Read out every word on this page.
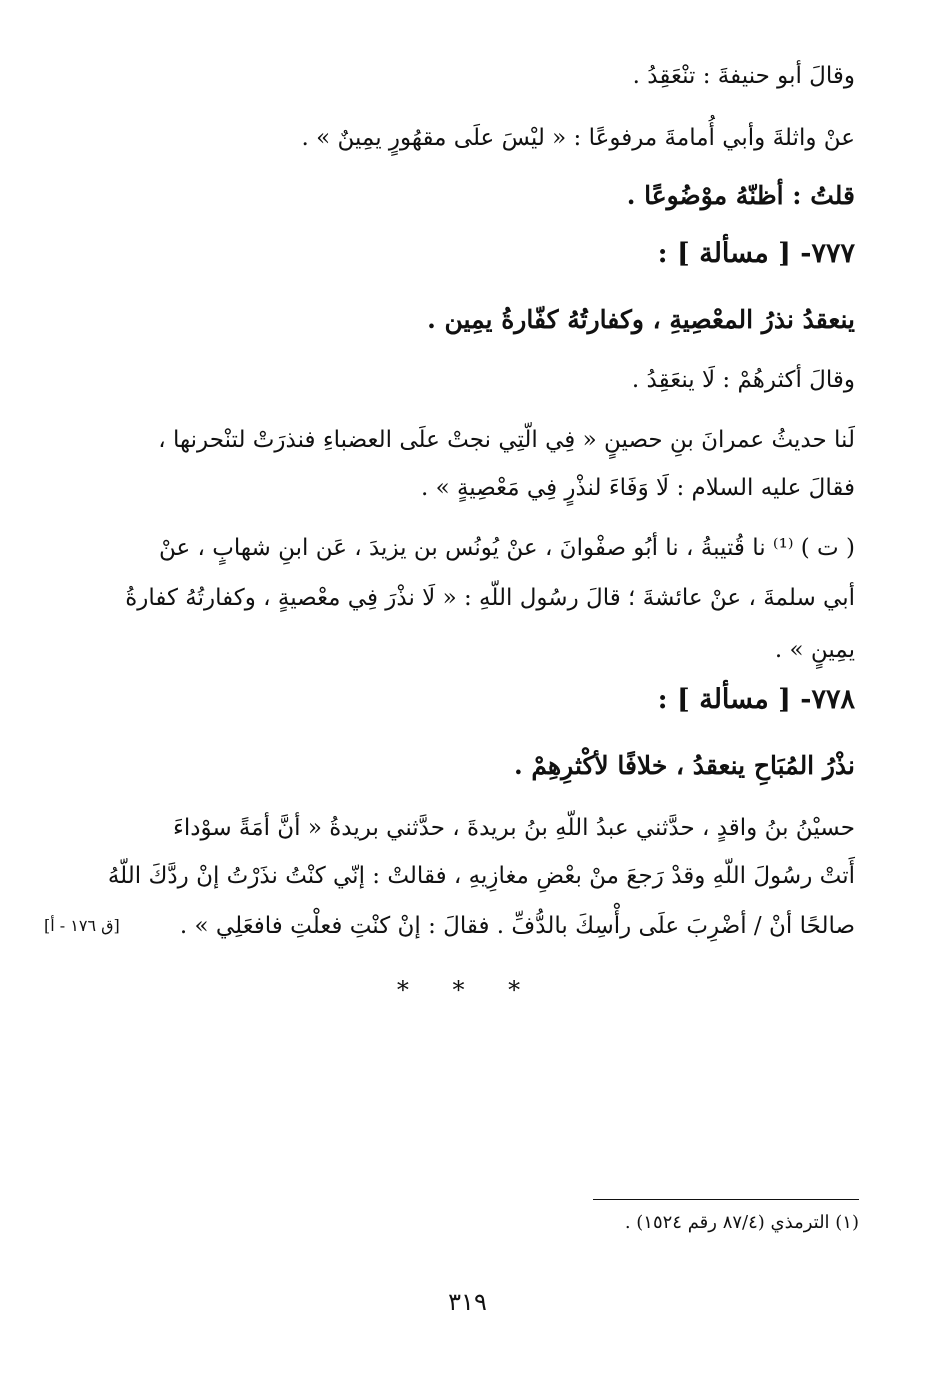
وقالَ أبو حنيفةَ : تنْعَقِدُ .
عنْ واثلةَ وأبي أُمامةَ مرفوعًا : « ليْسَ علَى مقهُورٍ يمِينٌ » .
قلتُ : أظنّهُ موْضُوعًا .
٧٧٧- [ مسألة ] :
ينعقدُ نذرُ المعْصِيةِ ، وكفارتُهُ كفّارةُ يمِين .
وقالَ أكثرهُمْ : لَا ينعَقِدُ .
لَنا حديثُ عمرانَ بنِ حصينٍ « فِي الّتِي نجتْ علَى العضباءِ فنذرَتْ لتنْحرنها ،
فقالَ عليه السلام : لَا وَفَاءَ لنذْرٍ فِي مَعْصِيةٍ » .
( ت ) ⁽¹⁾ نا قُتيبةُ ، نا أبُو صفْوانَ ، عنْ يُونُس بن يزيدَ ، عَن ابنِ شهابٍ ، عنْ
أبي سلمةَ ، عنْ عائشةَ ؛ قالَ رسُول اللّهِ : « لَا نذْرَ فِي معْصيةٍ ، وكفارتُهُ كفارةُ
يمِينٍ » .
٧٧٨- [ مسألة ] :
نذْرُ المُبَاحِ ينعقدُ ، خلافًا لأكْثرِهِمْ .
حسيْنُ بنُ واقدٍ ، حدَّثني عبدُ اللّهِ بنُ بريدةَ ، حدَّثني بريدةُ « أنَّ أمَةً سوْداءَ
أَتتْ رسُولَ اللّهِ وقدْ رَجعَ منْ بعْضِ مغازِيهِ ، فقالتْ : إنّي كنْتُ نذَرْتُ إنْ ردَّكَ اللّهُ
صالحًا أنْ / أضْرِبَ علَى رأْسِكَ بالدُّفِّ . فقالَ : إنْ كنْتِ فعلْتِ فافعَلِي » .
[ق ١٧٦ - أ]
* * *
(١) الترمذي (٨٧/٤ رقم ١٥٢٤) .
٣١٩
